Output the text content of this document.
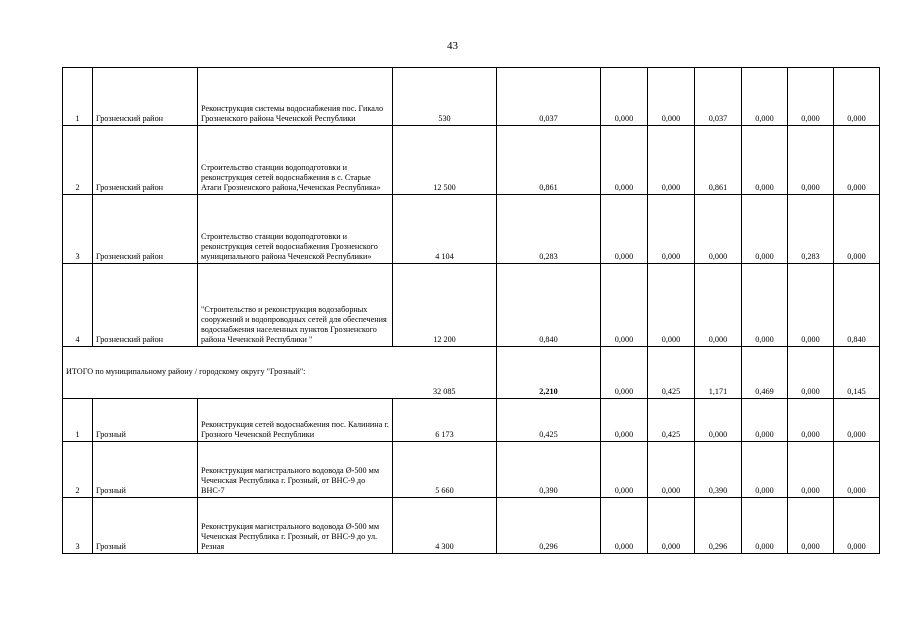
43
1	Грозненский район	Реконструкция системы водоснабжения пос. Гикало Грозненского района Чеченской Республики	530	0,037	0,000	0,000	0,037	0,000	0,000	0,000
2	Грозненский район	Строительство станции водоподготовки и реконструкция сетей водоснабжения в с. Старые Атаги Грозненского района,Чеченская Республика»	12 500	0,861	0,000	0,000	0,861	0,000	0,000	0,000
3	Грозненский район	Строительство станции водоподготовки и реконструкция сетей водоснабжения Грозненского муниципального района Чеченской Республики»	4 104	0,283	0,000	0,000	0,000	0,000	0,283	0,000
4	Грозненский район	"Строительство и реконструкция водозаборных сооружений и водопроводных сетей для обеспечения водоснабжения населенных пунктов Грозненского района Чеченской Республики "	12 200	0,840	0,000	0,000	0,000	0,000	0,000	0,840
ИТОГО по муниципальному району / городскому округу "Грозный":			32 085	2,210	0,000	0,425	1,171	0,469	0,000	0,145
1	Грозный	Реконструкция сетей водоснабжения пос. Калинина г. Грозного Чеченской Республики	6 173	0,425	0,000	0,425	0,000	0,000	0,000	0,000
2	Грозный	Реконструкция магистрального водовода Ø-500 мм Чеченская Республика г. Грозный, от ВНС-9 до ВНС-7	5 660	0,390	0,000	0,000	0,390	0,000	0,000	0,000
3	Грозный	Реконструкция магистрального водовода Ø-500 мм Чеченская Республика г. Грозный, от ВНС-9 до ул. Резная	4 300	0,296	0,000	0,000	0,296	0,000	0,000	0,000
